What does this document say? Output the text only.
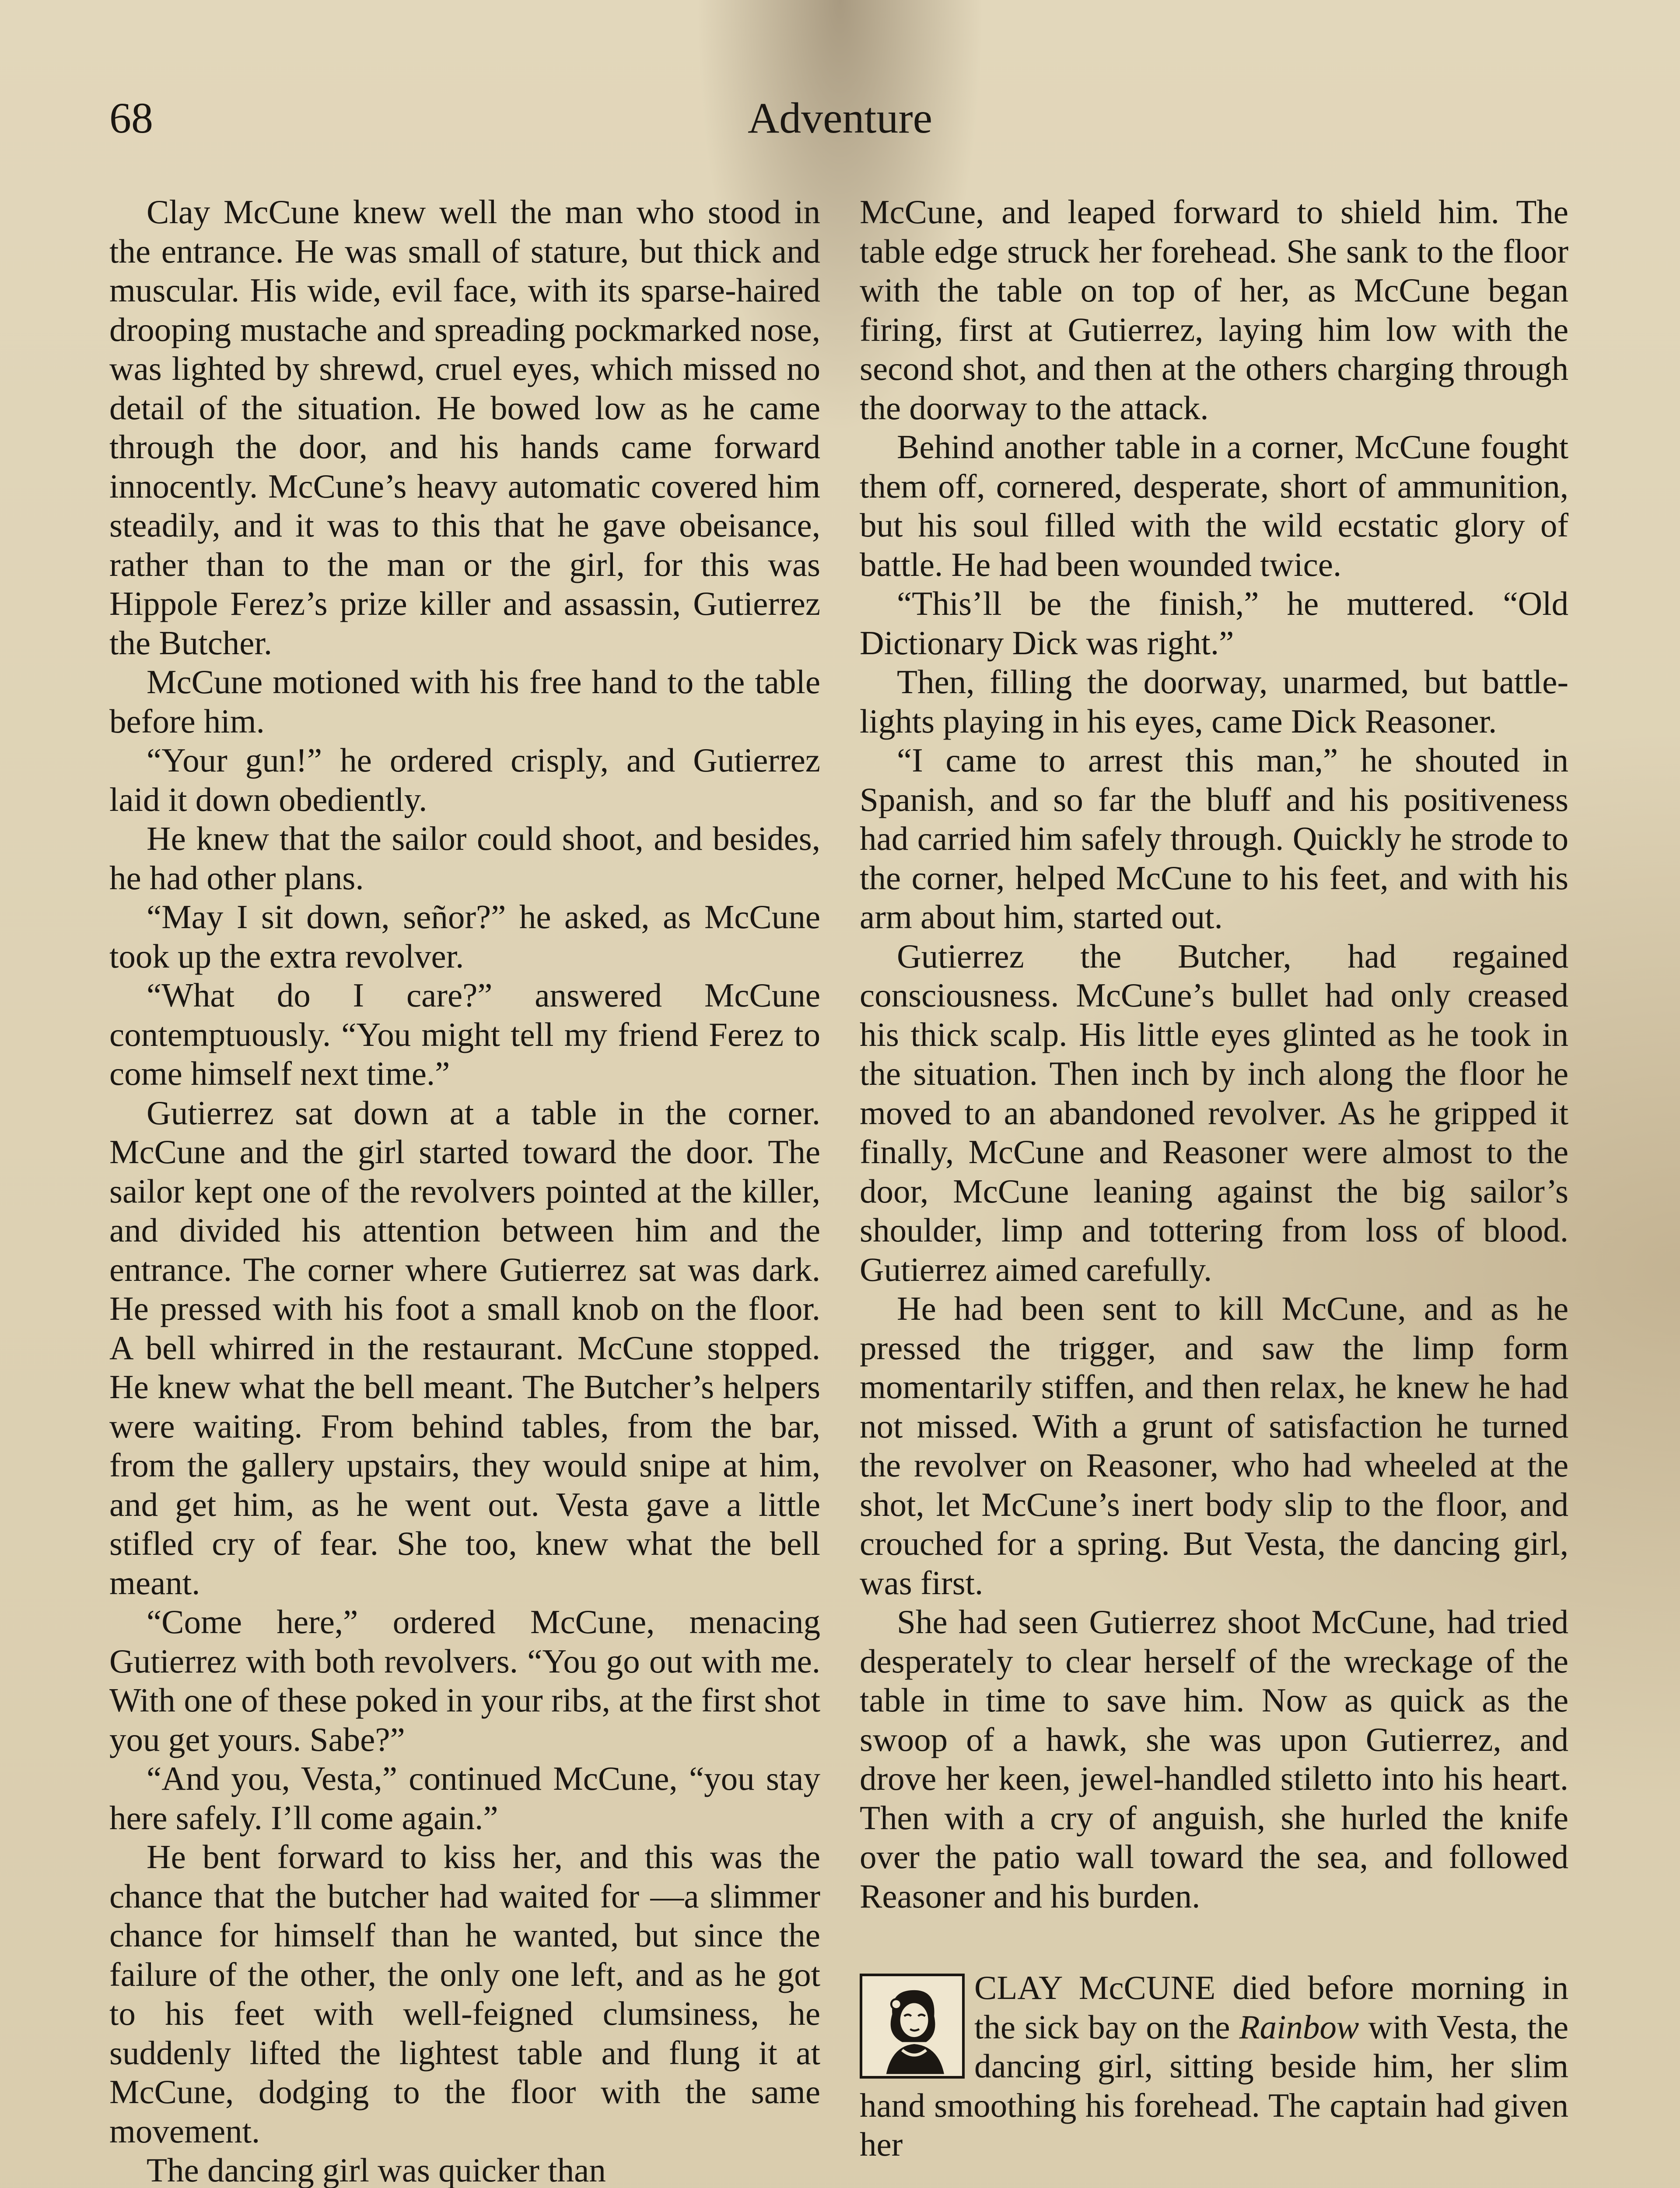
68	Adventure

Clay McCune knew well the man who stood in the entrance. He was small of stature, but thick and muscular. His wide, evil face, with its sparse-haired drooping mustache and spreading pockmarked nose, was lighted by shrewd, cruel eyes, which missed no detail of the situation. He bowed low as he came through the door, and his hands came forward innocently. McCune’s heavy automatic covered him steadily, and it was to this that he gave obeisance, rather than to the man or the girl, for this was Hippole Ferez’s prize killer and assassin, Gutierrez the Butcher.

McCune motioned with his free hand to the table before him.

“Your gun!” he ordered crisply, and Gutierrez laid it down obediently.

He knew that the sailor could shoot, and besides, he had other plans.

“May I sit down, señor?” he asked, as McCune took up the extra revolver.

“What do I care?” answered McCune contemptuously. “You might tell my friend Ferez to come himself next time.”

Gutierrez sat down at a table in the corner. McCune and the girl started toward the door. The sailor kept one of the revolvers pointed at the killer, and divided his attention between him and the entrance. The corner where Gutierrez sat was dark. He pressed with his foot a small knob on the floor. A bell whirred in the restaurant. McCune stopped. He knew what the bell meant. The Butcher’s helpers were waiting. From behind tables, from the bar, from the gallery upstairs, they would snipe at him, and get him, as he went out. Vesta gave a little stifled cry of fear. She too, knew what the bell meant.

“Come here,” ordered McCune, menacing Gutierrez with both revolvers. “You go out with me. With one of these poked in your ribs, at the first shot you get yours. Sabe?”

“And you, Vesta,” continued McCune, “you stay here safely. I’ll come again.”

He bent forward to kiss her, and this was the chance that the butcher had waited for —a slimmer chance for himself than he wanted, but since the failure of the other, the only one left, and as he got to his feet with well-feigned clumsiness, he suddenly lifted the lightest table and flung it at McCune, dodging to the floor with the same movement.

The dancing girl was quicker than

McCune, and leaped forward to shield him. The table edge struck her forehead. She sank to the floor with the table on top of her, as McCune began firing, first at Gutierrez, laying him low with the second shot, and then at the others charging through the doorway to the attack.

Behind another table in a corner, McCune fought them off, cornered, desperate, short of ammunition, but his soul filled with the wild ecstatic glory of battle. He had been wounded twice.

“This’ll be the finish,” he muttered. “Old Dictionary Dick was right.”

Then, filling the doorway, unarmed, but battle-lights playing in his eyes, came Dick Reasoner.

“I came to arrest this man,” he shouted in Spanish, and so far the bluff and his positiveness had carried him safely through. Quickly he strode to the corner, helped McCune to his feet, and with his arm about him, started out.

Gutierrez the Butcher, had regained consciousness. McCune’s bullet had only creased his thick scalp. His little eyes glinted as he took in the situation. Then inch by inch along the floor he moved to an abandoned revolver. As he gripped it finally, McCune and Reasoner were almost to the door, McCune leaning against the big sailor’s shoulder, limp and tottering from loss of blood. Gutierrez aimed carefully.

He had been sent to kill McCune, and as he pressed the trigger, and saw the limp form momentarily stiffen, and then relax, he knew he had not missed. With a grunt of satisfaction he turned the revolver on Reasoner, who had wheeled at the shot, let McCune’s inert body slip to the floor, and crouched for a spring. But Vesta, the dancing girl, was first.

She had seen Gutierrez shoot McCune, had tried desperately to clear herself of the wreckage of the table in time to save him. Now as quick as the swoop of a hawk, she was upon Gutierrez, and drove her keen, jewel-handled stiletto into his heart. Then with a cry of anguish, she hurled the knife over the patio wall toward the sea, and followed Reasoner and his burden.

CLAY McCUNE died before morning in the sick bay on the Rainbow with Vesta, the dancing girl, sitting beside him, her slim hand smoothing his forehead. The captain had given her
